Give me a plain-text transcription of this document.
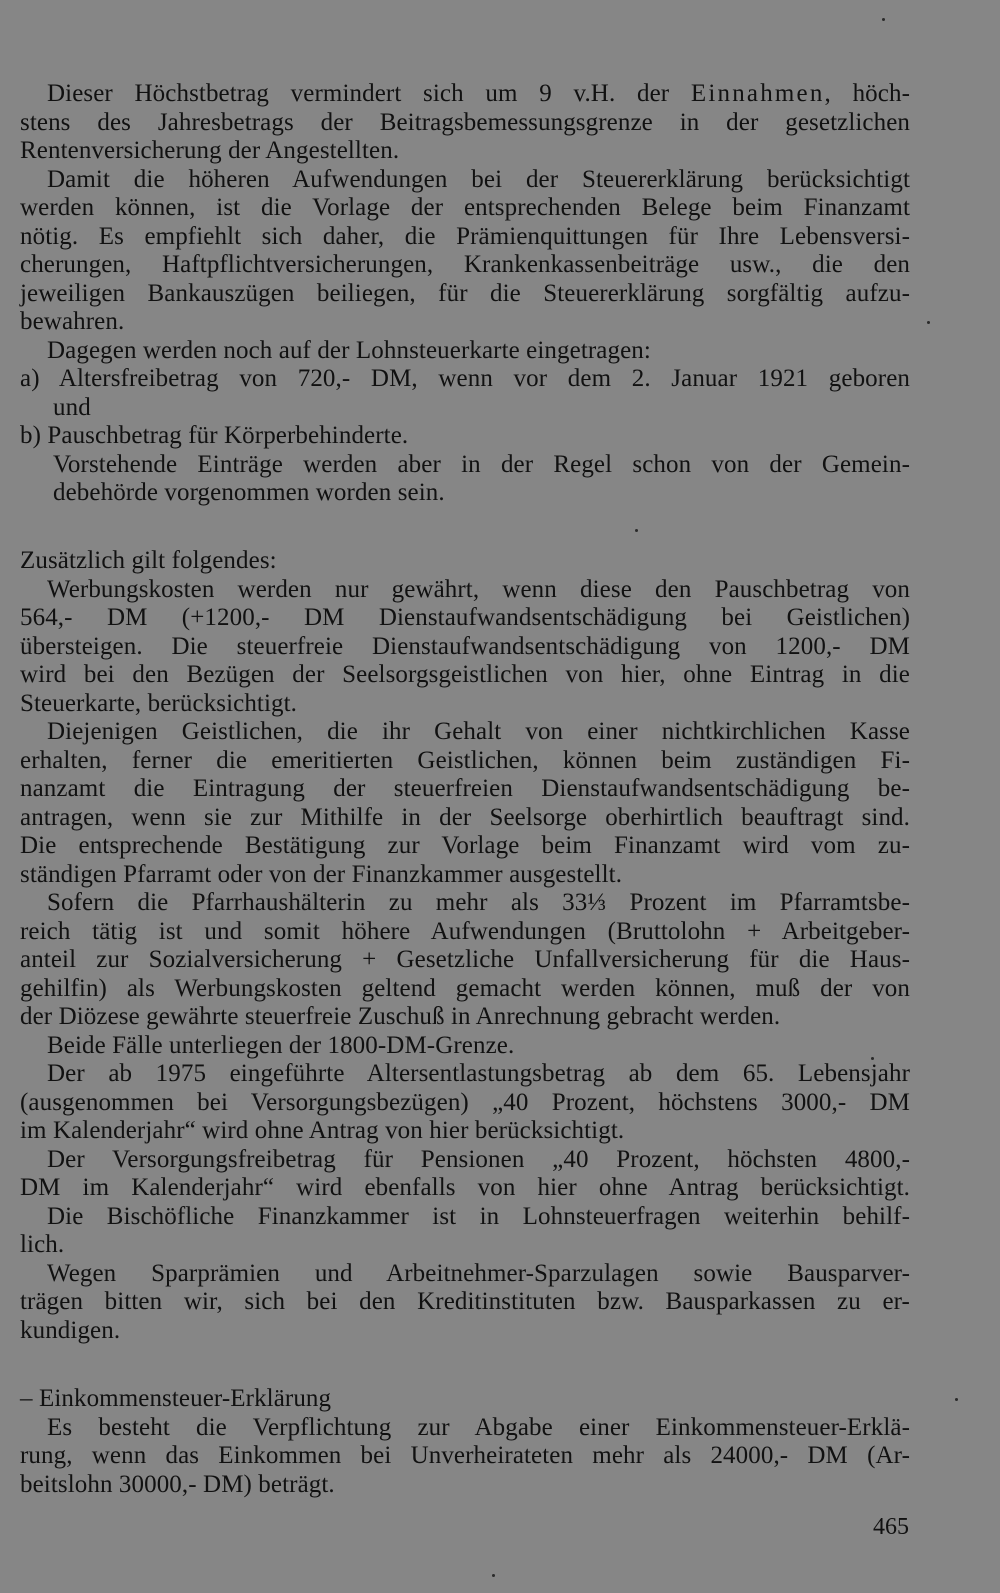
Dieser Höchstbetrag vermindert sich um 9 v.H. der Einnahmen, höch-
stens des Jahresbetrags der Beitragsbemessungsgrenze in der gesetzlichen
Rentenversicherung der Angestellten.
Damit die höheren Aufwendungen bei der Steuererklärung berücksichtigt
werden können, ist die Vorlage der entsprechenden Belege beim Finanzamt
nötig. Es empfiehlt sich daher, die Prämienquittungen für Ihre Lebensversi-
cherungen, Haftpflichtversicherungen, Krankenkassenbeiträge usw., die den
jeweiligen Bankauszügen beiliegen, für die Steuererklärung sorgfältig aufzu-
bewahren.
Dagegen werden noch auf der Lohnsteuerkarte eingetragen:
a) Altersfreibetrag von 720,- DM, wenn vor dem 2. Januar 1921 geboren
und
b) Pauschbetrag für Körperbehinderte.
Vorstehende Einträge werden aber in der Regel schon von der Gemein-
debehörde vorgenommen worden sein.
Zusätzlich gilt folgendes:
Werbungskosten werden nur gewährt, wenn diese den Pauschbetrag von
564,- DM (+1200,- DM Dienstaufwandsentschädigung bei Geistlichen)
übersteigen. Die steuerfreie Dienstaufwandsentschädigung von 1200,- DM
wird bei den Bezügen der Seelsorgsgeistlichen von hier, ohne Eintrag in die
Steuerkarte, berücksichtigt.
Diejenigen Geistlichen, die ihr Gehalt von einer nichtkirchlichen Kasse
erhalten, ferner die emeritierten Geistlichen, können beim zuständigen Fi-
nanzamt die Eintragung der steuerfreien Dienstaufwandsentschädigung be-
antragen, wenn sie zur Mithilfe in der Seelsorge oberhirtlich beauftragt sind.
Die entsprechende Bestätigung zur Vorlage beim Finanzamt wird vom zu-
ständigen Pfarramt oder von der Finanzkammer ausgestellt.
Sofern die Pfarrhaushälterin zu mehr als 33⅓ Prozent im Pfarramtsbe-
reich tätig ist und somit höhere Aufwendungen (Bruttolohn + Arbeitgeber-
anteil zur Sozialversicherung + Gesetzliche Unfallversicherung für die Haus-
gehilfin) als Werbungskosten geltend gemacht werden können, muß der von
der Diözese gewährte steuerfreie Zuschuß in Anrechnung gebracht werden.
Beide Fälle unterliegen der 1800-DM-Grenze.
Der ab 1975 eingeführte Altersentlastungsbetrag ab dem 65. Lebensjahr
(ausgenommen bei Versorgungsbezügen) „40 Prozent, höchstens 3000,- DM
im Kalenderjahr“ wird ohne Antrag von hier berücksichtigt.
Der Versorgungsfreibetrag für Pensionen „40 Prozent, höchsten 4800,-
DM im Kalenderjahr“ wird ebenfalls von hier ohne Antrag berücksichtigt.
Die Bischöfliche Finanzkammer ist in Lohnsteuerfragen weiterhin behilf-
lich.
Wegen Sparprämien und Arbeitnehmer-Sparzulagen sowie Bausparver-
trägen bitten wir, sich bei den Kreditinstituten bzw. Bausparkassen zu er-
kundigen.
– Einkommensteuer-Erklärung
Es besteht die Verpflichtung zur Abgabe einer Einkommensteuer-Erklä-
rung, wenn das Einkommen bei Unverheirateten mehr als 24000,- DM (Ar-
beitslohn 30000,- DM) beträgt.
465
